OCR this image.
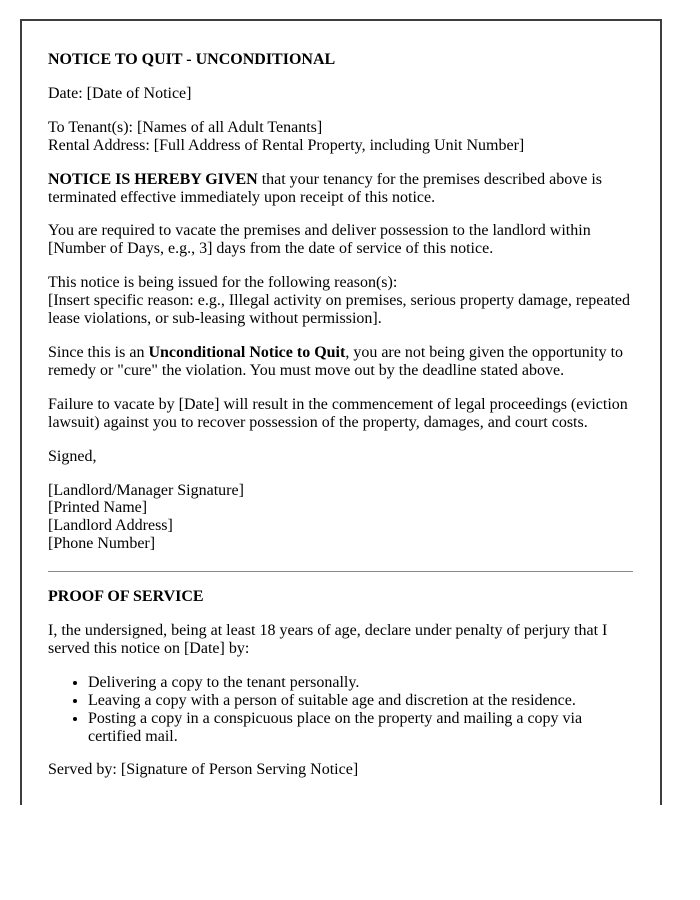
NOTICE TO QUIT - UNCONDITIONAL

Date: [Date of Notice]

To Tenant(s): [Names of all Adult Tenants]
Rental Address: [Full Address of Rental Property, including Unit Number]

NOTICE IS HEREBY GIVEN that your tenancy for the premises described above is terminated effective immediately upon receipt of this notice.

You are required to vacate the premises and deliver possession to the landlord within [Number of Days, e.g., 3] days from the date of service of this notice.

This notice is being issued for the following reason(s):
[Insert specific reason: e.g., Illegal activity on premises, serious property damage, repeated lease violations, or sub-leasing without permission].

Since this is an Unconditional Notice to Quit, you are not being given the opportunity to remedy or "cure" the violation. You must move out by the deadline stated above.

Failure to vacate by [Date] will result in the commencement of legal proceedings (eviction lawsuit) against you to recover possession of the property, damages, and court costs.

Signed,

[Landlord/Manager Signature]
[Printed Name]
[Landlord Address]
[Phone Number]

PROOF OF SERVICE

I, the undersigned, being at least 18 years of age, declare under penalty of perjury that I served this notice on [Date] by:

• Delivering a copy to the tenant personally.
• Leaving a copy with a person of suitable age and discretion at the residence.
• Posting a copy in a conspicuous place on the property and mailing a copy via certified mail.

Served by: [Signature of Person Serving Notice]
